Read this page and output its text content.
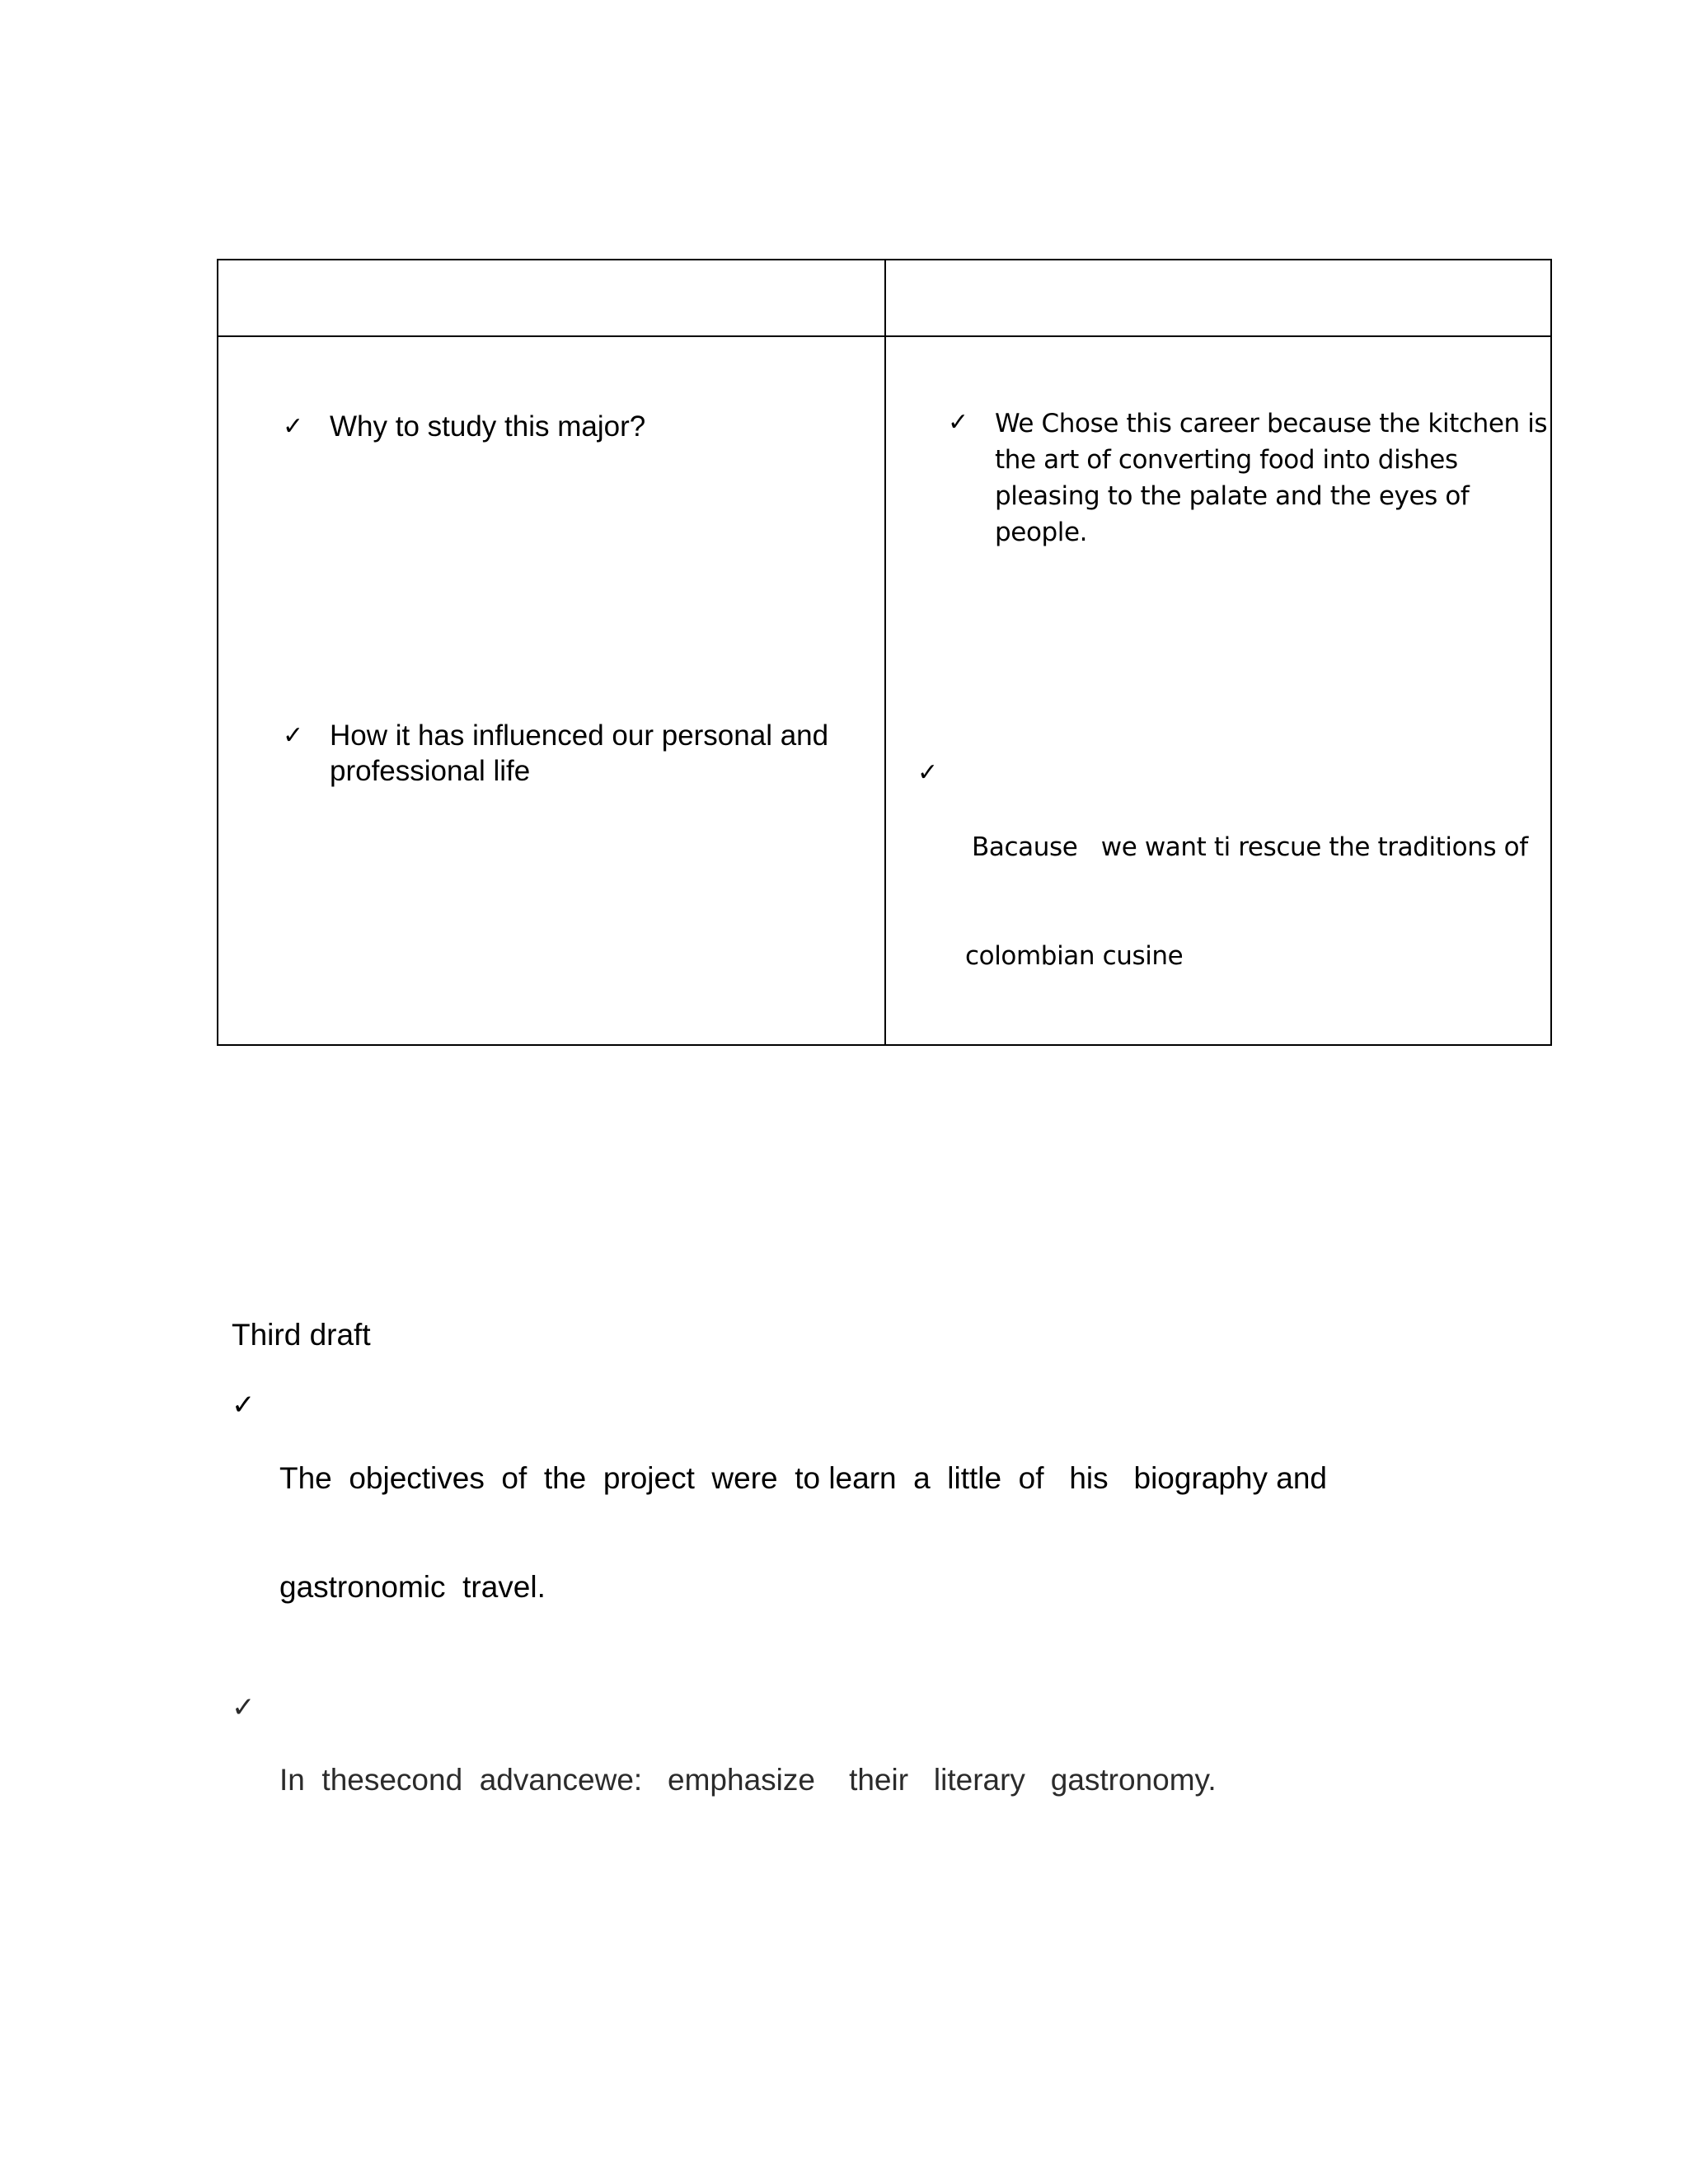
✓ Why to study this major?
✓ How it has influenced our personal and
professional life
✓ We Chose this career because the kitchen is
the art of converting food into dishes
pleasing to the palate and the eyes of
people.
✓

Bacause   we want ti rescue the traditions of

colombian cusine

Third draft
✓

The  objectives  of  the  project  were  to learn  a  little  of   his   biography and

gastronomic  travel.

✓

In  thesecond  advancewe:   emphasize    their   literary   gastronomy.
